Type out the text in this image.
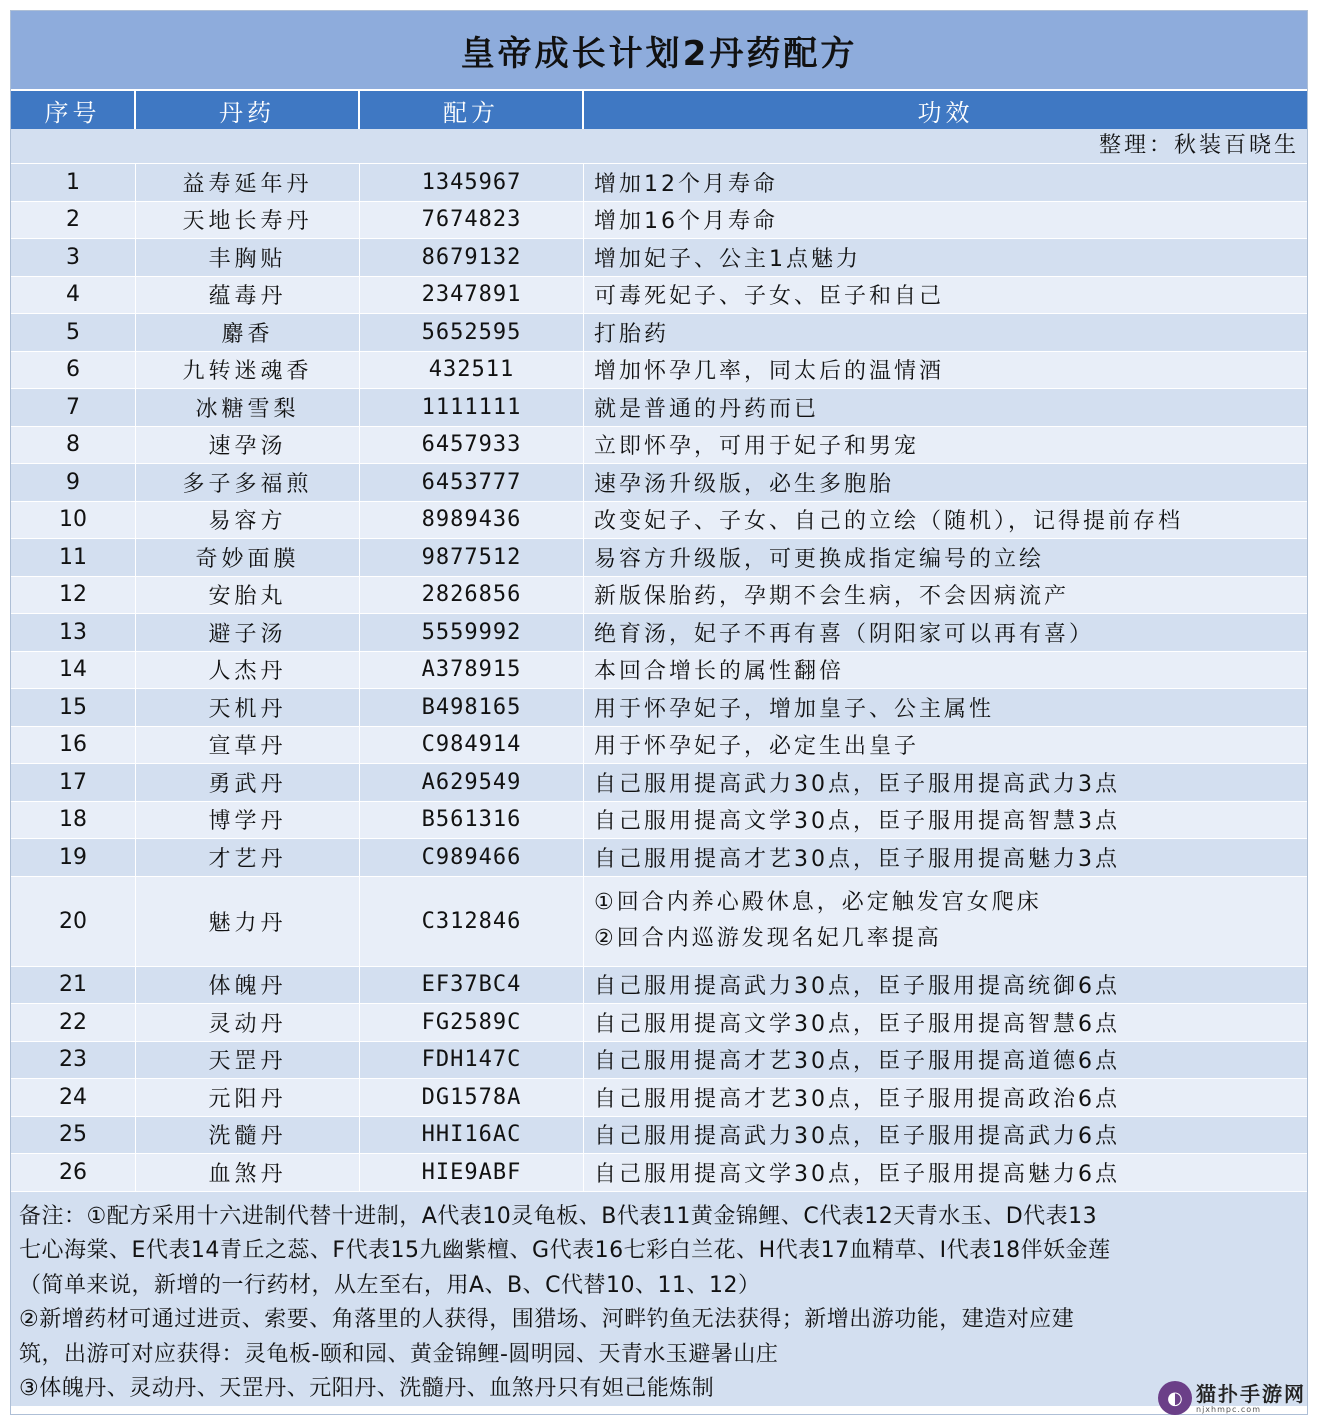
皇帝成长计划2丹药配方
序号	丹药	配方	功效
整理：秋装百晓生
1	益寿延年丹	1345967	增加12个月寿命
2	天地长寿丹	7674823	增加16个月寿命
3	丰胸贴	8679132	增加妃子、公主1点魅力
4	蕴毒丹	2347891	可毒死妃子、子女、臣子和自己
5	麝香	5652595	打胎药
6	九转迷魂香	432511	增加怀孕几率，同太后的温情酒
7	冰糖雪梨	1111111	就是普通的丹药而已
8	速孕汤	6457933	立即怀孕，可用于妃子和男宠
9	多子多福煎	6453777	速孕汤升级版，必生多胞胎
10	易容方	8989436	改变妃子、子女、自己的立绘（随机），记得提前存档
11	奇妙面膜	9877512	易容方升级版，可更换成指定编号的立绘
12	安胎丸	2826856	新版保胎药，孕期不会生病，不会因病流产
13	避子汤	5559992	绝育汤，妃子不再有喜（阴阳家可以再有喜）
14	人杰丹	A378915	本回合增长的属性翻倍
15	天机丹	B498165	用于怀孕妃子，增加皇子、公主属性
16	宣草丹	C984914	用于怀孕妃子，必定生出皇子
17	勇武丹	A629549	自己服用提高武力30点，臣子服用提高武力3点
18	博学丹	B561316	自己服用提高文学30点，臣子服用提高智慧3点
19	才艺丹	C989466	自己服用提高才艺30点，臣子服用提高魅力3点
20	魅力丹	C312846
①回合内养心殿休息，必定触发宫女爬床
②回合内巡游发现名妃几率提高
21	体魄丹	EF37BC4	自己服用提高武力30点，臣子服用提高统御6点
22	灵动丹	FG2589C	自己服用提高文学30点，臣子服用提高智慧6点
23	天罡丹	FDH147C	自己服用提高才艺30点，臣子服用提高道德6点
24	元阳丹	DG1578A	自己服用提高才艺30点，臣子服用提高政治6点
25	洗髓丹	HHI16AC	自己服用提高武力30点，臣子服用提高武力6点
26	血煞丹	HIE9ABF	自己服用提高文学30点，臣子服用提高魅力6点
备注：①配方采用十六进制代替十进制，A代表10灵龟板、B代表11黄金锦鲤、C代表12天青水玉、D代表13
七心海棠、E代表14青丘之蕊、F代表15九幽紫檀、G代表16七彩白兰花、H代表17血精草、I代表18伴妖金莲
（简单来说，新增的一行药材，从左至右，用A、B、C代替10、11、12）
②新增药材可通过进贡、索要、角落里的人获得，围猎场、河畔钓鱼无法获得；新增出游功能，建造对应建
筑，出游可对应获得：灵龟板-颐和园、黄金锦鲤-圆明园、天青水玉避暑山庄
③体魄丹、灵动丹、天罡丹、元阳丹、洗髓丹、血煞丹只有妲己能炼制	◐ 猫扑手游网
njxhmpc.com
